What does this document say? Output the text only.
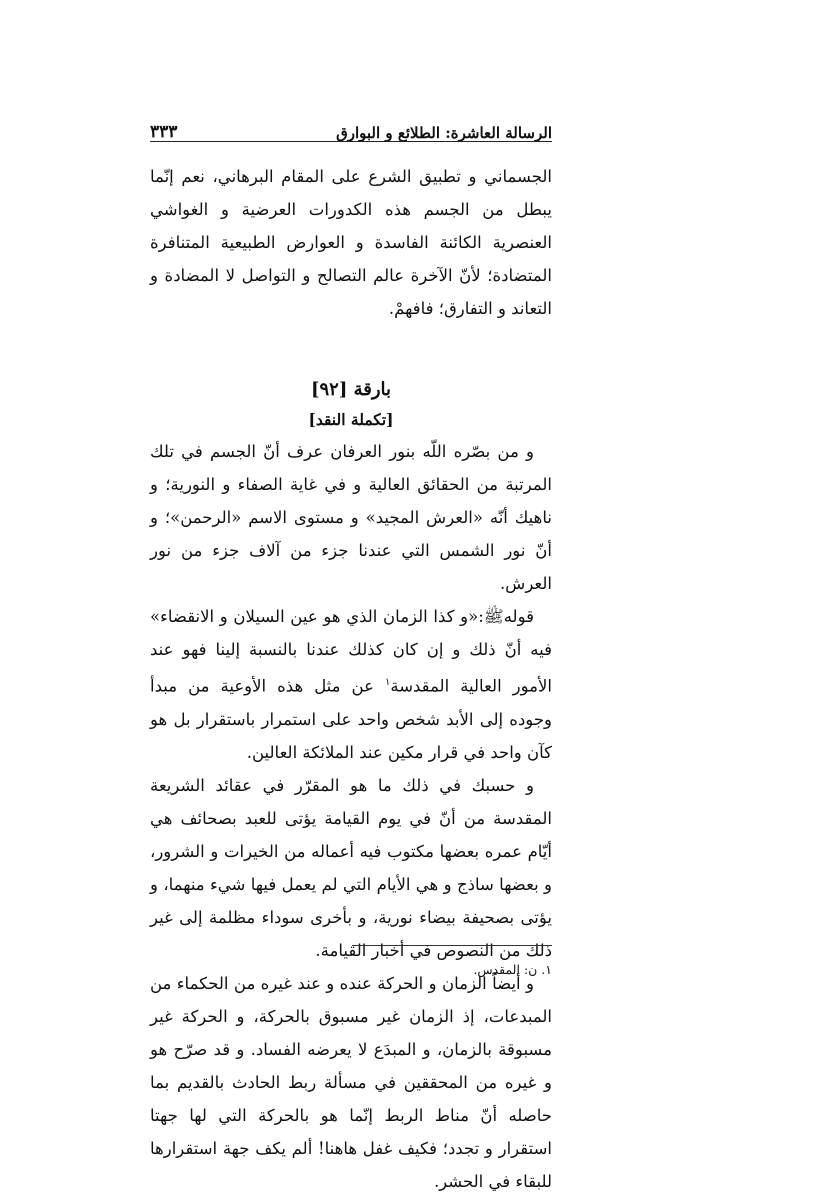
الرسالة العاشرة: الطلائع و البوارق
٣٣٣

الجسماني و تطبيق الشرع على المقام البرهاني، نعم إنّما يبطل من الجسم هذه الكدورات العرضية و الغواشي العنصرية الكائنة الفاسدة و العوارض الطبيعية المتنافرة المتضادة؛ لأنّ الآخرة عالم التصالح و التواصل لا المضادة و التعاند و التفارق؛ فافهمْ.

بارقة [٩٢]

[تكملة النقد]

و من بصّره اللّه بنور العرفان عرف أنّ الجسم في تلك المرتبة من الحقائق العالية و في غاية الصفاء و النورية؛ و ناهيك أنّه «العرش المجيد» و مستوى الاسم «الرحمن»؛ و أنّ نور الشمس التي عندنا جزء من آلاف جزء من نور العرش.

قولهﷺ:«و كذا الزمان الذي هو عين السيلان و الانقضاء» فيه أنّ ذلك و إن كان كذلك عندنا بالنسبة إلينا فهو عند الأمور العالية المقدسة$^١$ عن مثل هذه الأوعية من مبدأ وجوده إلى الأبد شخص واحد على استمرار باستقرار بل هو كآن واحد في قرار مكين عند الملائكة العالين.

و حسبك في ذلك ما هو المقرّر في عقائد الشريعة المقدسة من أنّ في يوم القيامة يؤتى للعبد بصحائف هي أيّام عمره بعضها مكتوب فيه أعماله من الخيرات و الشرور، و بعضها ساذج و هي الأيام التي لم يعمل فيها شيء منهما، و يؤتى بصحيفة بيضاء نورية، و بأخرى سوداء مظلمة إلى غير ذلك من النصوص في أخبار القيامة.

و أيضاً الزمان و الحركة عنده و عند غيره من الحكماء من المبدعات، إذ الزمان غير مسبوق بالحركة، و الحركة غير مسبوقة بالزمان، و المبدَع لا يعرضه الفساد. و قد صرّح هو و غيره من المحققين في مسألة ربط الحادث بالقديم بما حاصله أنّ مناط الربط إنّما هو بالحركة التي لها جهتا استقرار و تجدد؛ فكيف غفل هاهنا! ألم يكف جهة استقرارها للبقاء في الحشر.

١. ن: المقدس.
